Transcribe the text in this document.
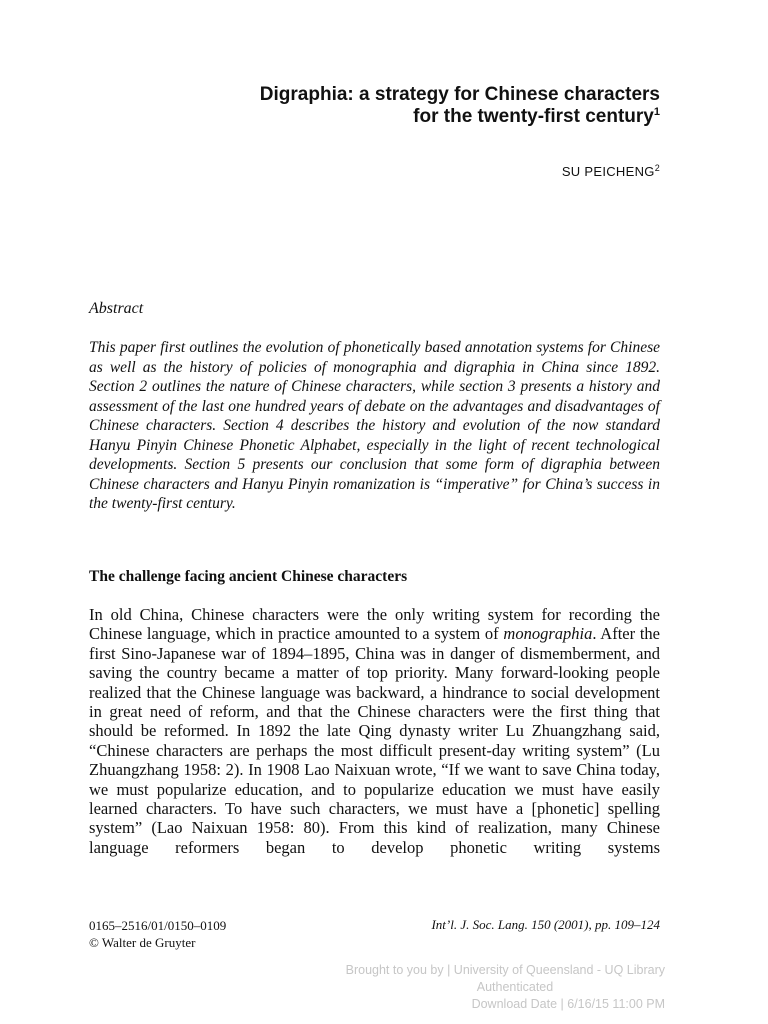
Digraphia: a strategy for Chinese characters
for the twenty-first century$^1$
SU PEICHENG$^2$
Abstract
This paper first outlines the evolution of phonetically based annotation systems for Chinese as well as the history of policies of monographia and digraphia in China since 1892. Section 2 outlines the nature of Chinese characters, while section 3 presents a history and assessment of the last one hundred years of debate on the advantages and disadvantages of Chinese characters. Section 4 describes the history and evolution of the now standard Hanyu Pinyin Chinese Phonetic Alphabet, especially in the light of recent technological developments. Section 5 presents our conclusion that some form of digraphia between Chinese characters and Hanyu Pinyin romanization is “imperative” for China’s success in the twenty-first century.
The challenge facing ancient Chinese characters
In old China, Chinese characters were the only writing system for recording the Chinese language, which in practice amounted to a system of monographia. After the first Sino-Japanese war of 1894–1895, China was in danger of dismemberment, and saving the country became a matter of top priority. Many forward-looking people realized that the Chinese language was backward, a hindrance to social development in great need of reform, and that the Chinese characters were the first thing that should be reformed. In 1892 the late Qing dynasty writer Lu Zhuangzhang said, “Chinese characters are perhaps the most difficult present-day writing system” (Lu Zhuangzhang 1958: 2). In 1908 Lao Naixuan wrote, “If we want to save China today, we must popularize education, and to popularize education we must have easily learned characters. To have such characters, we must have a [phonetic] spelling system” (Lao Naixuan 1958: 80). From this kind of realization, many Chinese language reformers began to develop phonetic writing systems
0165–2516/01/0150–0109
© Walter de Gruyter
Int’l. J. Soc. Lang. 150 (2001), pp. 109–124
Brought to you by | University of Queensland - UQ Library
Authenticated
Download Date | 6/16/15 11:00 PM
